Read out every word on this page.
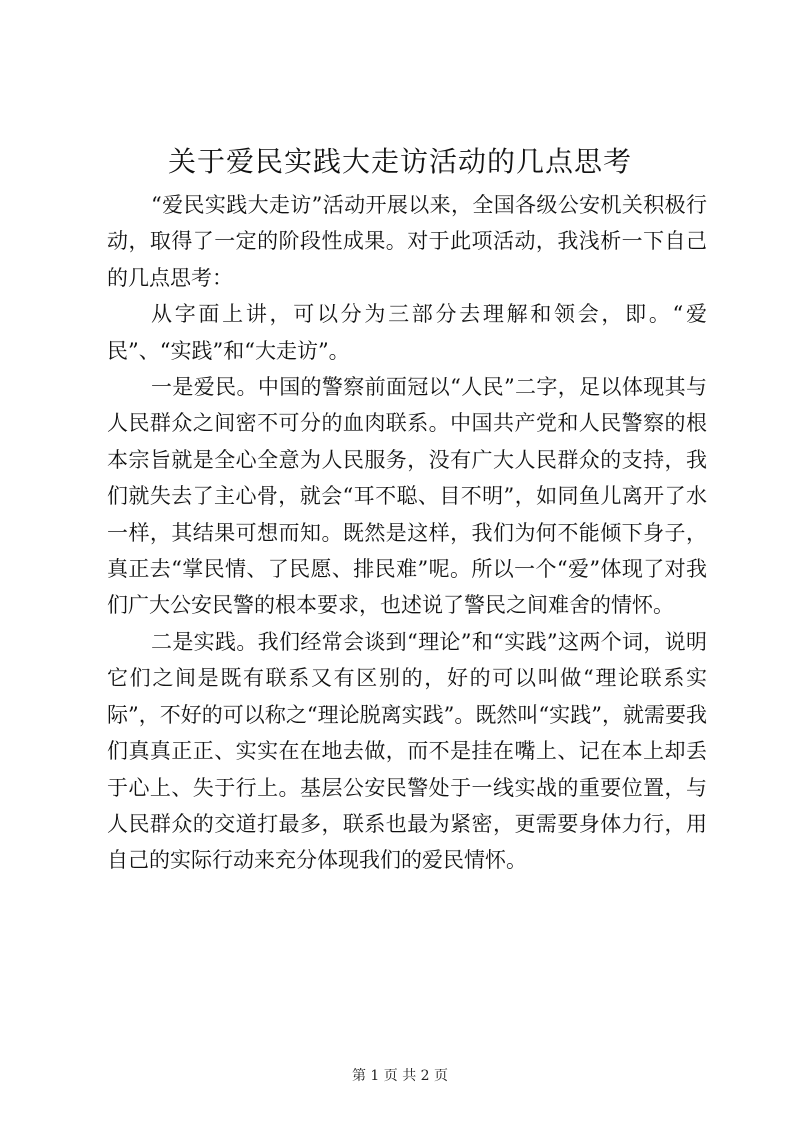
关于爱民实践大走访活动的几点思考

“爱民实践大走访”活动开展以来，全国各级公安机关积极行动，取得了一定的阶段性成果。对于此项活动，我浅析一下自己的几点思考：

从字面上讲，可以分为三部分去理解和领会，即。“爱民”、“实践”和“大走访”。

一是爱民。中国的警察前面冠以“人民”二字，足以体现其与人民群众之间密不可分的血肉联系。中国共产党和人民警察的根本宗旨就是全心全意为人民服务，没有广大人民群众的支持，我们就失去了主心骨，就会“耳不聪、目不明”，如同鱼儿离开了水一样，其结果可想而知。既然是这样，我们为何不能倾下身子，真正去“掌民情、了民愿、排民难”呢。所以一个“爱”体现了对我们广大公安民警的根本要求，也述说了警民之间难舍的情怀。

二是实践。我们经常会谈到“理论”和“实践”这两个词，说明它们之间是既有联系又有区别的，好的可以叫做“理论联系实际”，不好的可以称之“理论脱离实践”。既然叫“实践”，就需要我们真真正正、实实在在地去做，而不是挂在嘴上、记在本上却丢于心上、失于行上。基层公安民警处于一线实战的重要位置，与人民群众的交道打最多，联系也最为紧密，更需要身体力行，用自己的实际行动来充分体现我们的爱民情怀。

第 1 页 共 2 页
